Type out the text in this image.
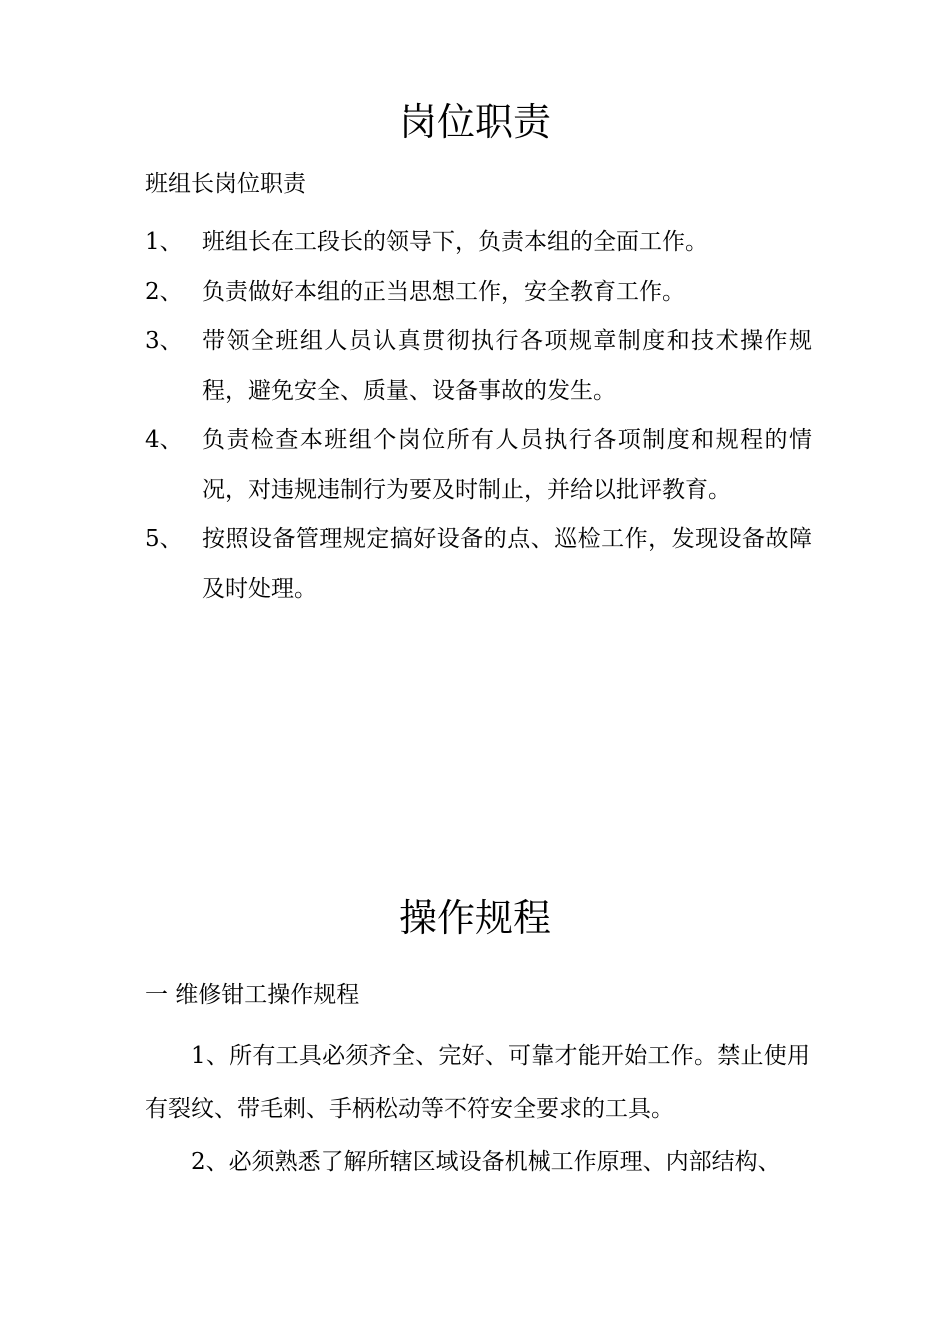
岗位职责
班组长岗位职责
1、 班组长在工段长的领导下，负责本组的全面工作。
2、 负责做好本组的正当思想工作，安全教育工作。
3、 带领全班组人员认真贯彻执行各项规章制度和技术操作规程，避免安全、质量、设备事故的发生。
4、 负责检查本班组个岗位所有人员执行各项制度和规程的情况，对违规违制行为要及时制止，并给以批评教育。
5、 按照设备管理规定搞好设备的点、巡检工作，发现设备故障及时处理。
操作规程
一 维修钳工操作规程

1、所有工具必须齐全、完好、可靠才能开始工作。禁止使用有裂纹、带毛刺、手柄松动等不符安全要求的工具。

2、必须熟悉了解所辖区域设备机械工作原理、内部结构、
